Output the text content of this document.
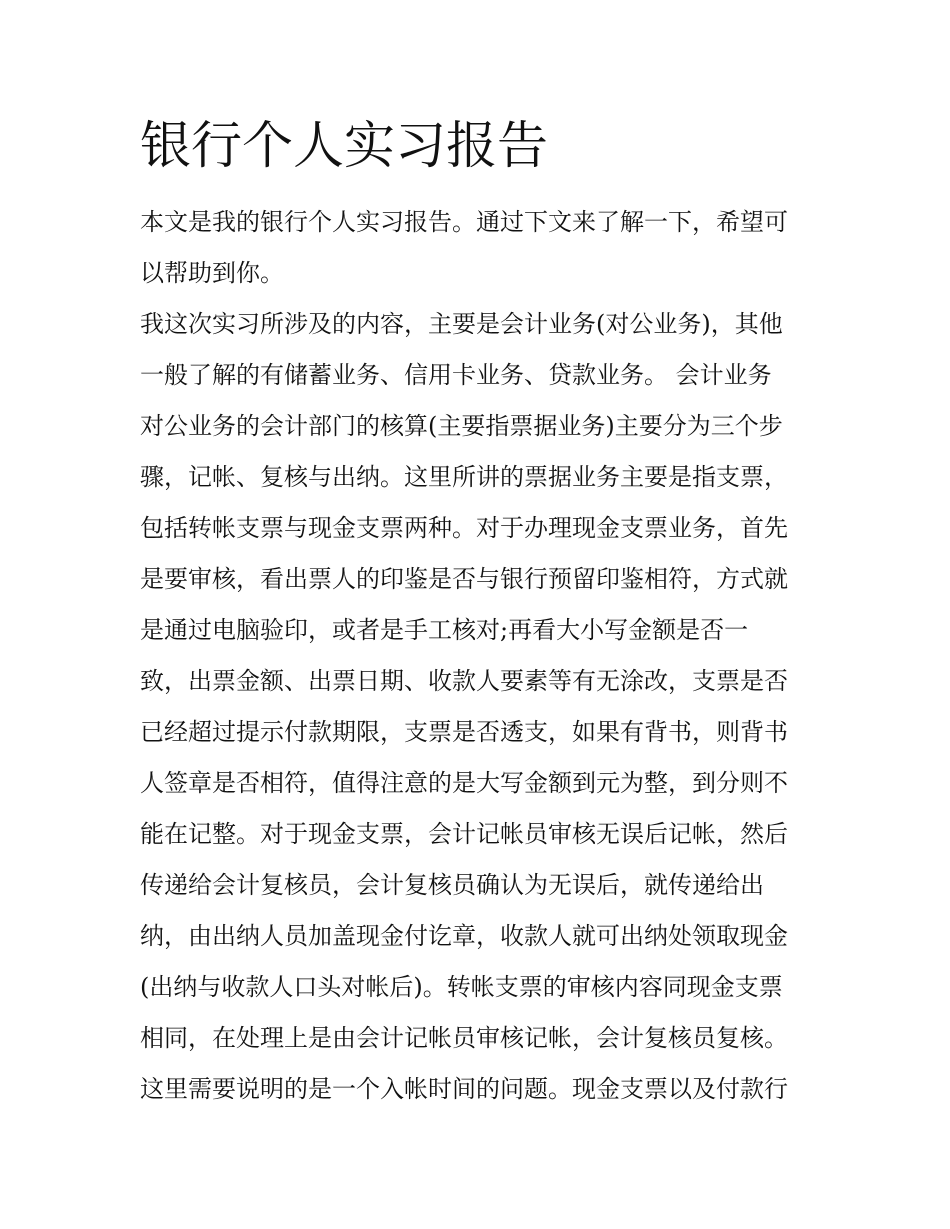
银行个人实习报告
本文是我的银行个人实习报告。通过下文来了解一下，希望可
以帮助到你。
我这次实习所涉及的内容，主要是会计业务(对公业务)，其他
一般了解的有储蓄业务、信用卡业务、贷款业务。 会计业务
对公业务的会计部门的核算(主要指票据业务)主要分为三个步
骤，记帐、复核与出纳。这里所讲的票据业务主要是指支票，
包括转帐支票与现金支票两种。对于办理现金支票业务，首先
是要审核，看出票人的印鉴是否与银行预留印鉴相符，方式就
是通过电脑验印，或者是手工核对;再看大小写金额是否一
致，出票金额、出票日期、收款人要素等有无涂改，支票是否
已经超过提示付款期限，支票是否透支，如果有背书，则背书
人签章是否相符，值得注意的是大写金额到元为整，到分则不
能在记整。对于现金支票，会计记帐员审核无误后记帐，然后
传递给会计复核员，会计复核员确认为无误后，就传递给出
纳，由出纳人员加盖现金付讫章，收款人就可出纳处领取现金
(出纳与收款人口头对帐后)。转帐支票的审核内容同现金支票
相同，在处理上是由会计记帐员审核记帐，会计复核员复核。
这里需要说明的是一个入帐时间的问题。现金支票以及付款行
